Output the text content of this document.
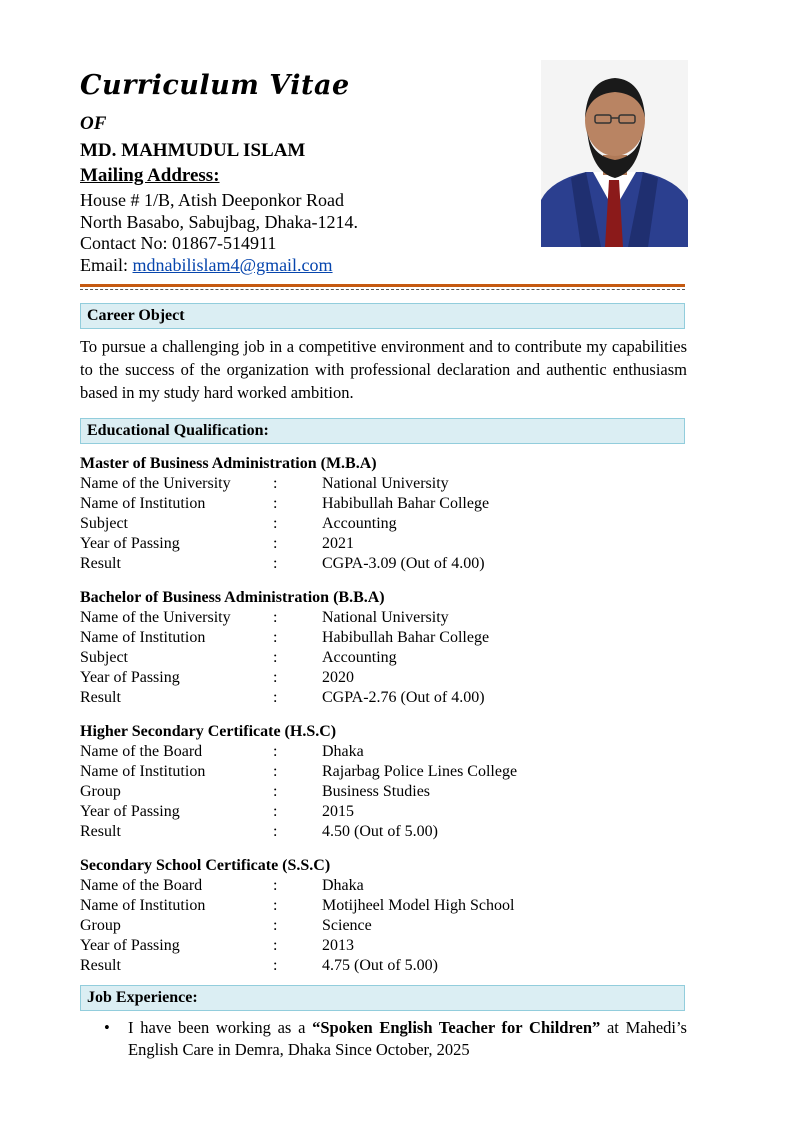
Curriculum Vitae
OF
MD. MAHMUDUL ISLAM
Mailing Address:
House # 1/B, Atish Deeponkor Road
North Basabo, Sabujbag, Dhaka-1214.
Contact No: 01867-514911
Email: mdnabilislam4@gmail.com
Career Object
To pursue a challenging job in a competitive environment and to contribute my capabilities to the success of the organization with professional declaration and authentic enthusiasm based in my study hard worked ambition.
Educational Qualification:
Master of Business Administration (M.B.A)
Name of the University	:	National University
Name of Institution	:	Habibullah Bahar College
Subject	:	Accounting
Year of Passing	:	2021
Result	:	CGPA-3.09 (Out of 4.00)
Bachelor of Business Administration (B.B.A)
Name of the University	:	National University
Name of Institution	:	Habibullah Bahar College
Subject	:	Accounting
Year of Passing	:	2020
Result	:	CGPA-2.76 (Out of 4.00)
Higher Secondary Certificate (H.S.C)
Name of the Board	:	Dhaka
Name of Institution	:	Rajarbag Police Lines College
Group	:	Business Studies
Year of Passing	:	2015
Result	:	4.50 (Out of 5.00)
Secondary School Certificate (S.S.C)
Name of the Board	:	Dhaka
Name of Institution	:	Motijheel Model High School
Group	:	Science
Year of Passing	:	2013
Result	:	4.75 (Out of 5.00)
Job Experience:
• I have been working as a “Spoken English Teacher for Children” at Mahedi’s English Care in Demra, Dhaka Since October, 2025
